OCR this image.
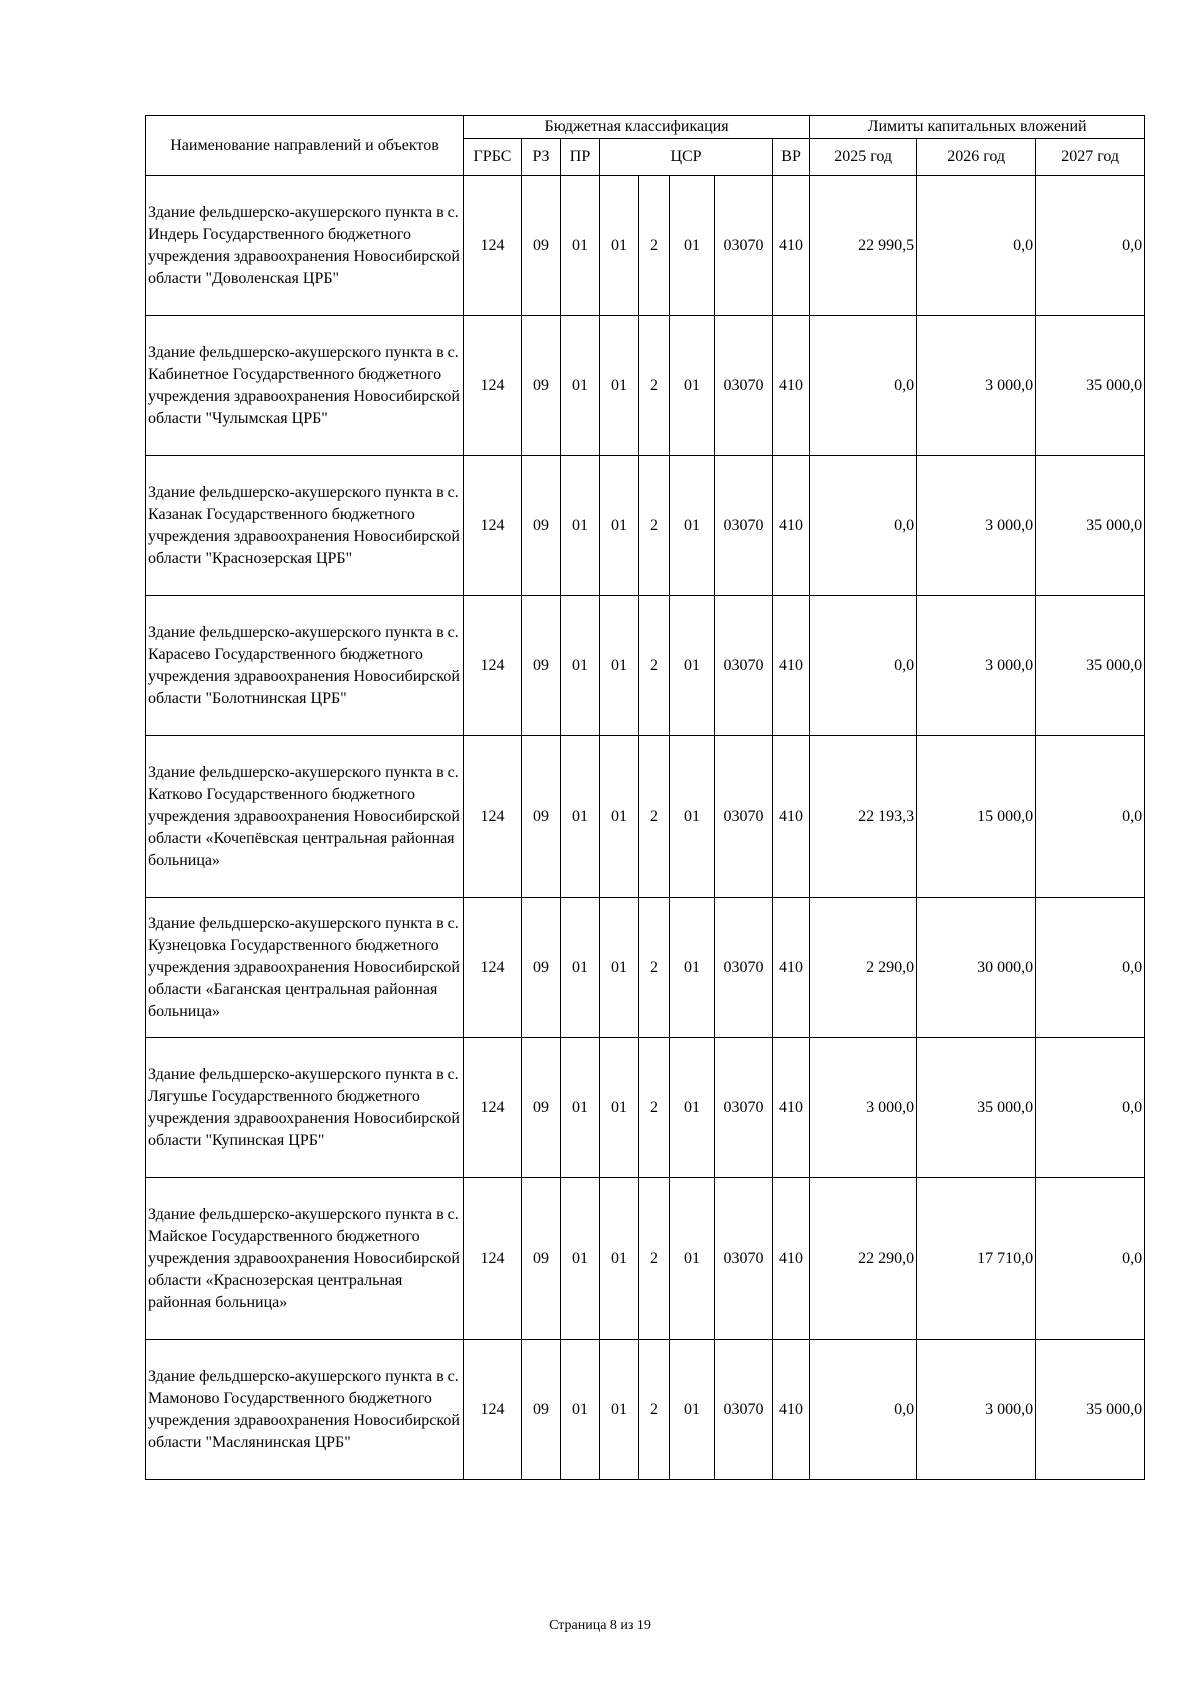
Наименование направлений и объектов	Бюджетная классификация								Лимиты капитальных вложений		
	ГРБС	РЗ	ПР	ЦСР				ВР	2025 год	2026 год	2027 год
Здание фельдшерско-акушерского пункта в с. Индерь Государственного бюджетного учреждения здравоохранения Новосибирской области "Доволенская ЦРБ"	124	09	01	01	2	01	03070	410	22 990,5	0,0	0,0
Здание фельдшерско-акушерского пункта в с. Кабинетное Государственного бюджетного учреждения здравоохранения Новосибирской области "Чулымская ЦРБ"	124	09	01	01	2	01	03070	410	0,0	3 000,0	35 000,0
Здание фельдшерско-акушерского пункта в с. Казанак Государственного бюджетного учреждения здравоохранения Новосибирской области "Краснозерская ЦРБ"	124	09	01	01	2	01	03070	410	0,0	3 000,0	35 000,0
Здание фельдшерско-акушерского пункта в с. Карасево Государственного бюджетного учреждения здравоохранения Новосибирской области "Болотнинская ЦРБ"	124	09	01	01	2	01	03070	410	0,0	3 000,0	35 000,0
Здание фельдшерско-акушерского пункта в с. Катково Государственного бюджетного учреждения здравоохранения Новосибирской области «Кочепёвская центральная районная больница»	124	09	01	01	2	01	03070	410	22 193,3	15 000,0	0,0
Здание фельдшерско-акушерского пункта в с. Кузнецовка Государственного бюджетного учреждения здравоохранения Новосибирской области «Баганская центральная районная больница»	124	09	01	01	2	01	03070	410	2 290,0	30 000,0	0,0
Здание фельдшерско-акушерского пункта в с. Лягушье Государственного бюджетного учреждения здравоохранения Новосибирской области "Купинская ЦРБ"	124	09	01	01	2	01	03070	410	3 000,0	35 000,0	0,0
Здание фельдшерско-акушерского пункта в с. Майское Государственного бюджетного учреждения здравоохранения Новосибирской области «Краснозерская центральная районная больница»	124	09	01	01	2	01	03070	410	22 290,0	17 710,0	0,0
Здание фельдшерско-акушерского пункта в с. Мамоново Государственного бюджетного учреждения здравоохранения Новосибирской области "Маслянинская ЦРБ"	124	09	01	01	2	01	03070	410	0,0	3 000,0	35 000,0
Страница 8 из 19
